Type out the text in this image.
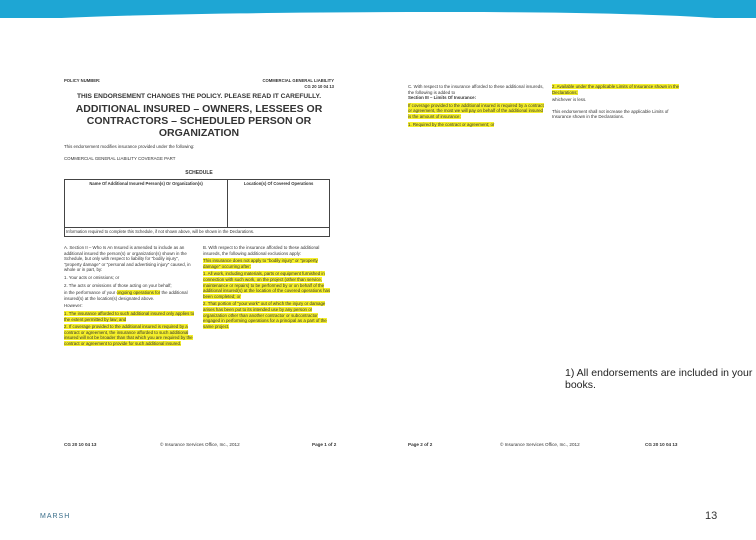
POLICY NUMBER:	COMMERCIAL GENERAL LIABILITY
CG 20 10 04 13
THIS ENDORSEMENT CHANGES THE POLICY. PLEASE READ IT CAREFULLY.
ADDITIONAL INSURED – OWNERS, LESSEES OR CONTRACTORS – SCHEDULED PERSON OR ORGANIZATION
This endorsement modifies insurance provided under the following:
COMMERCIAL GENERAL LIABILITY COVERAGE PART
SCHEDULE
Name Of Additional Insured Person(s) Or Organization(s)	Location(s) Of Covered Operations
Information required to complete this Schedule, if not shown above, will be shown in the Declarations.
A. Section II – Who Is An Insured is amended to include as an additional insured the person(s) or organization(s) shown in the Schedule, but only with respect to liability for "bodily injury", "property damage" or "personal and advertising injury" caused, in whole or in part, by:
1. Your acts or omissions; or
2. The acts or omissions of those acting on your behalf;
in the performance of your ongoing operations for the additional insured(s) at the location(s) designated above.
However:
1. The insurance afforded to such additional insured only applies to the extent permitted by law; and
2. If coverage provided to the additional insured is required by a contract or agreement, the insurance afforded to such additional insured will not be broader than that which you are required by the contract or agreement to provide for such additional insured.
B. With respect to the insurance afforded to these additional insureds, the following additional exclusions apply:
This insurance does not apply to "bodily injury" or "property damage" occurring after:
1. All work, including materials, parts or equipment furnished in connection with such work, on the project (other than service, maintenance or repairs) to be performed by or on behalf of the additional insured(s) at the location of the covered operations has been completed; or
2. That portion of "your work" out of which the injury or damage arises has been put to its intended use by any person or organization other than another contractor or subcontractor engaged in performing operations for a principal as a part of the same project.
C. With respect to the insurance afforded to these additional insureds, the following is added to
Section III – Limits Of Insurance:
If coverage provided to the additional insured is required by a contract or agreement, the most we will pay on behalf of the additional insured is the amount of insurance:
1. Required by the contract or agreement; or
2. Available under the applicable Limits of Insurance shown in the Declarations;
whichever is less.
This endorsement shall not increase the applicable Limits of Insurance shown in the Declarations.
1) All endorsements are included in your books.
CG 20 10 04 13	© Insurance Services Office, Inc., 2012	Page 1 of 2	Page 2 of 2	© Insurance Services Office, Inc., 2012	CG 20 10 04 13
MARSH	13
